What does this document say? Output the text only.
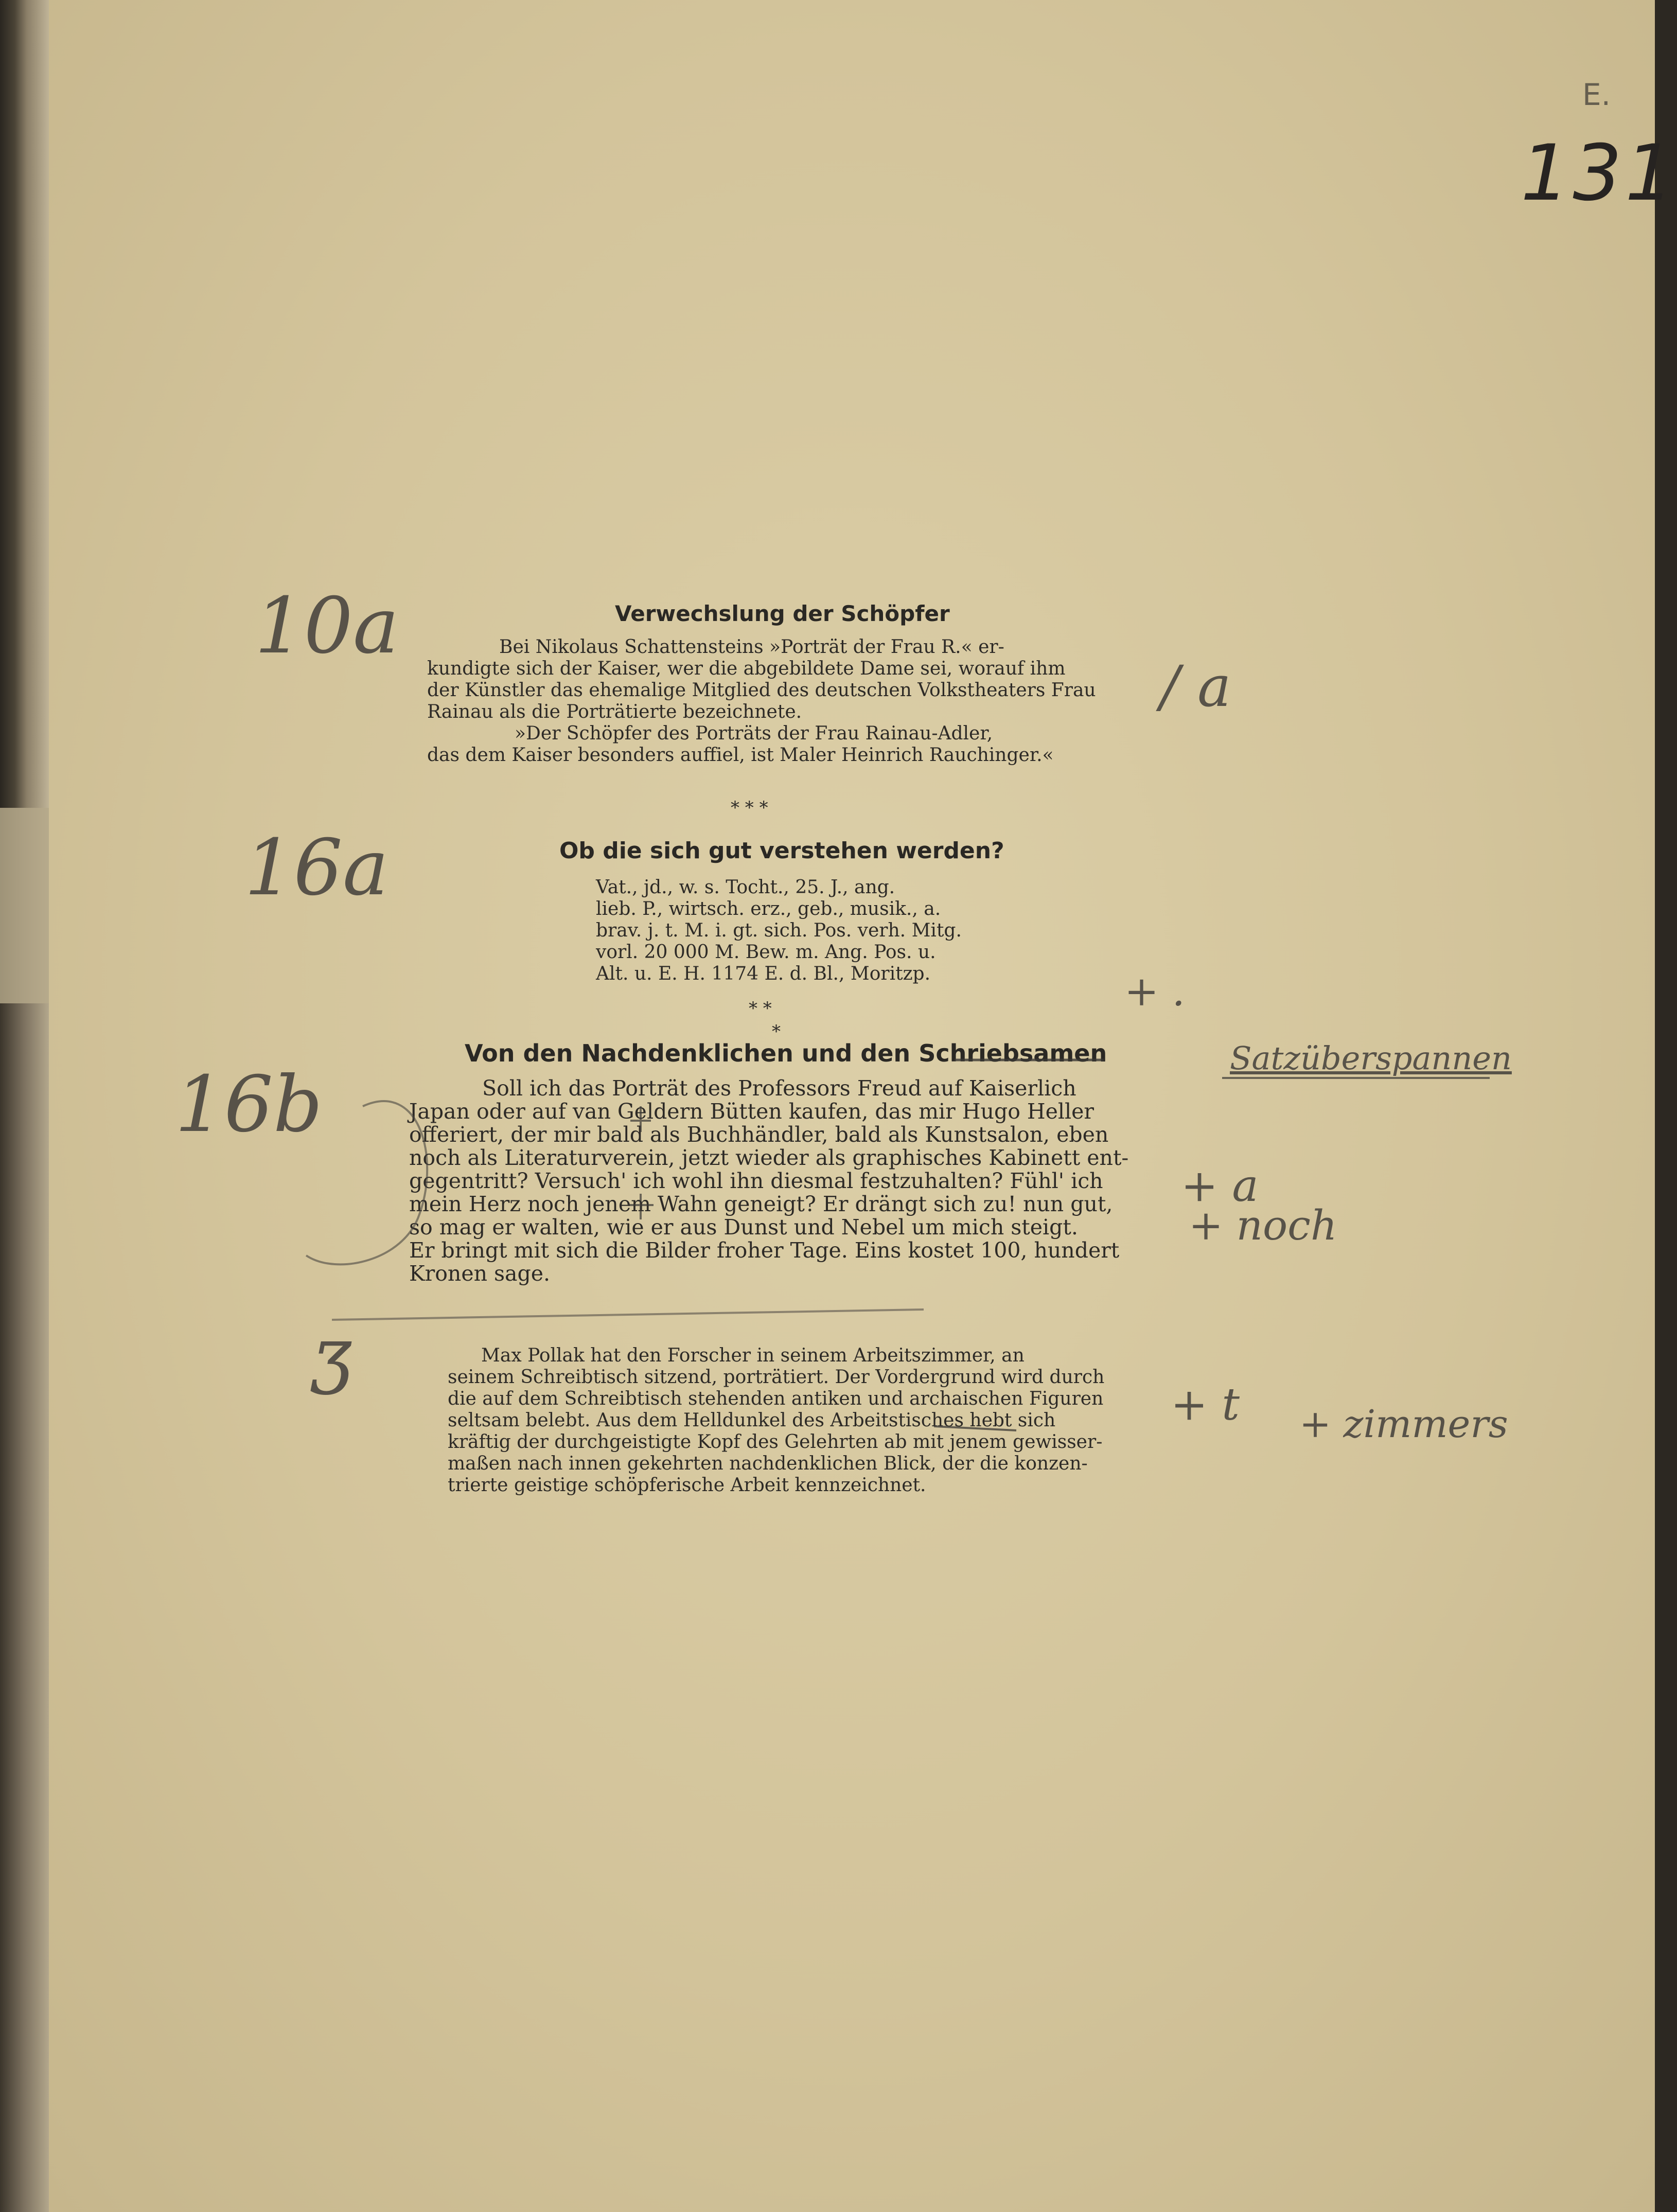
E.
131
10a	Verwechslung der Schöpfer
Bei Nikolaus Schattensteins »Porträt der Frau R.« er-
kundigte sich der Kaiser, wer die abgebildete Dame sei, worauf ihm
der Künstler das ehemalige Mitglied des deutschen Volkstheaters Frau
Rainau als die Porträtierte bezeichnete.
»Der Schöpfer des Porträts der Frau Rainau-Adler,
das dem Kaiser besonders auffiel, ist Maler Heinrich Rauchinger.«
/ a
* * *
16a	Ob die sich gut verstehen werden?
Vat., jd., w. s. Tocht., 25. J., ang.
lieb. P., wirtsch. erz., geb., musik., a.
brav. j. t. M. i. gt. sich. Pos. verh. Mitg.
vorl. 20 000 M. Bew. m. Ang. Pos. u.
Alt. u. E. H. 1174 E. d. Bl., Moritzp.	+ .
* *
*
16b
Von den Nachdenklichen und den Schriebsamen	Satzüberspannen
Soll ich das Porträt des Professors Freud auf Kaiserlich
Japan oder auf van Geldern Bütten kaufen, das mir Hugo Heller
offeriert, der mir bald als Buchhändler, bald als Kunstsalon, eben
noch als Literaturverein, jetzt wieder als graphisches Kabinett ent-
gegentritt? Versuch' ich wohl ihn diesmal festzuhalten? Fühl' ich
mein Herz noch jenem Wahn geneigt? Er drängt sich zu! nun gut,
so mag er walten, wie er aus Dunst und Nebel um mich steigt.
Er bringt mit sich die Bilder froher Tage. Eins kostet 100, hundert
Kronen sage.
+ a
+ noch
Ʒ	Max Pollak hat den Forscher in seinem Arbeitszimmer, an
seinem Schreibtisch sitzend, porträtiert. Der Vordergrund wird durch
die auf dem Schreibtisch stehenden antiken und archaischen Figuren
seltsam belebt. Aus dem Helldunkel des Arbeitstisches hebt sich
kräftig der durchgeistigte Kopf des Gelehrten ab mit jenem gewisser-
maßen nach innen gekehrten nachdenklichen Blick, der die konzen-
trierte geistige schöpferische Arbeit kennzeichnet.
+ t + zimmers
